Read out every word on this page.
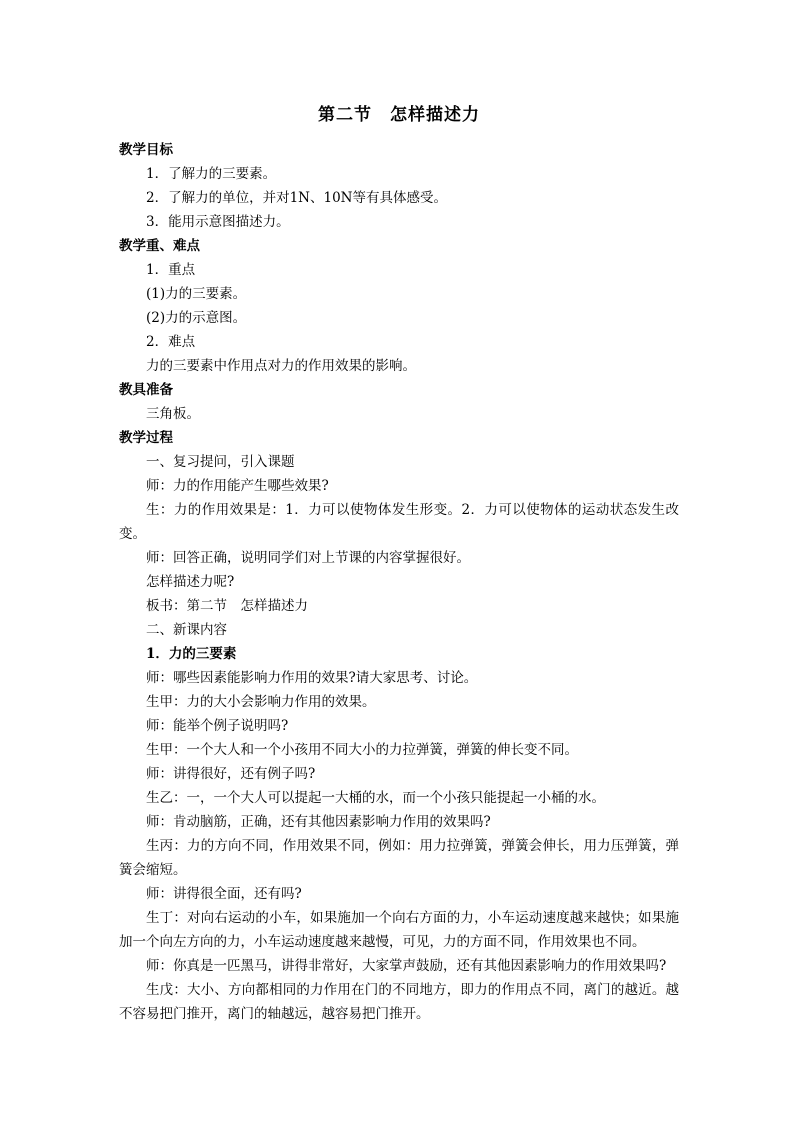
第二节　怎样描述力

教学目标

1．了解力的三要素。

2．了解力的单位，并对1N、10N等有具体感受。

3．能用示意图描述力。

教学重、难点

1．重点

(1)力的三要素。

(2)力的示意图。

2．难点

力的三要素中作用点对力的作用效果的影响。

教具准备

三角板。

教学过程

一、复习提问，引入课题

师：力的作用能产生哪些效果?

生：力的作用效果是：1．力可以使物体发生形变。2．力可以使物体的运动状态发生改变。

师：回答正确，说明同学们对上节课的内容掌握很好。

怎样描述力呢?

板书：第二节　怎样描述力

二、新课内容

1．力的三要素

师：哪些因素能影响力作用的效果?请大家思考、讨论。

生甲：力的大小会影响力作用的效果。

师：能举个例子说明吗?

生甲：一个大人和一个小孩用不同大小的力拉弹簧，弹簧的伸长变不同。

师：讲得很好，还有例子吗?

生乙：一，一个大人可以提起一大桶的水，而一个小孩只能提起一小桶的水。

师：肯动脑筋，正确，还有其他因素影响力作用的效果吗?

生丙：力的方向不同，作用效果不同，例如：用力拉弹簧，弹簧会伸长，用力压弹簧，弹簧会缩短。

师：讲得很全面，还有吗?

生丁：对向右运动的小车，如果施加一个向右方面的力，小车运动速度越来越快；如果施加一个向左方向的力，小车运动速度越来越慢，可见，力的方面不同，作用效果也不同。

师：你真是一匹黑马，讲得非常好，大家掌声鼓励，还有其他因素影响力的作用效果吗?

生戊：大小、方向都相同的力作用在门的不同地方，即力的作用点不同，离门的越近。越不容易把门推开，离门的轴越远，越容易把门推开。
